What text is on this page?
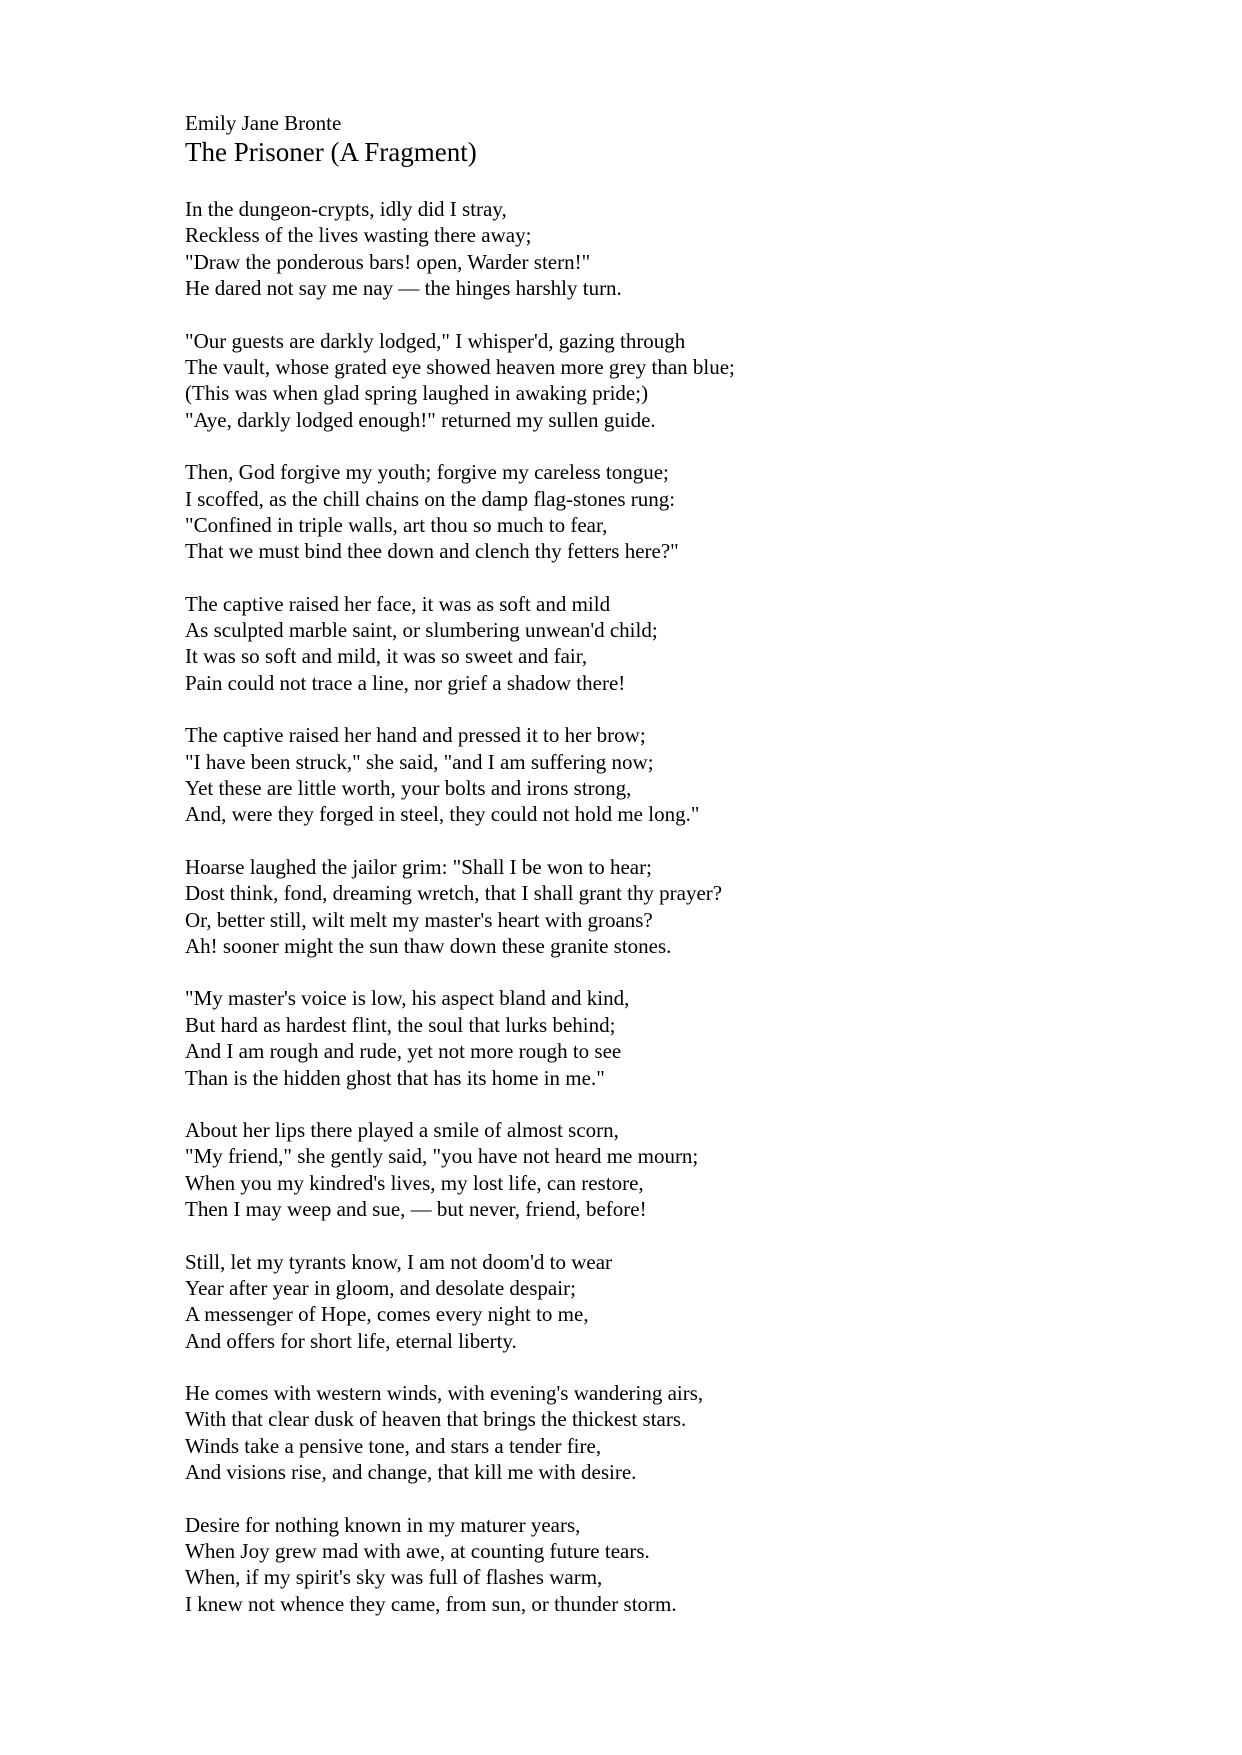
Emily Jane Bronte
The Prisoner (A Fragment)
In the dungeon-crypts, idly did I stray,
Reckless of the lives wasting there away;
"Draw the ponderous bars! open, Warder stern!"
He dared not say me nay — the hinges harshly turn.
"Our guests are darkly lodged," I whisper'd, gazing through
The vault, whose grated eye showed heaven more grey than blue;
(This was when glad spring laughed in awaking pride;)
"Aye, darkly lodged enough!" returned my sullen guide.
Then, God forgive my youth; forgive my careless tongue;
I scoffed, as the chill chains on the damp flag-stones rung:
"Confined in triple walls, art thou so much to fear,
That we must bind thee down and clench thy fetters here?"
The captive raised her face, it was as soft and mild
As sculpted marble saint, or slumbering unwean'd child;
It was so soft and mild, it was so sweet and fair,
Pain could not trace a line, nor grief a shadow there!
The captive raised her hand and pressed it to her brow;
"I have been struck," she said, "and I am suffering now;
Yet these are little worth, your bolts and irons strong,
And, were they forged in steel, they could not hold me long."
Hoarse laughed the jailor grim: "Shall I be won to hear;
Dost think, fond, dreaming wretch, that I shall grant thy prayer?
Or, better still, wilt melt my master's heart with groans?
Ah! sooner might the sun thaw down these granite stones.
"My master's voice is low, his aspect bland and kind,
But hard as hardest flint, the soul that lurks behind;
And I am rough and rude, yet not more rough to see
Than is the hidden ghost that has its home in me."
About her lips there played a smile of almost scorn,
"My friend," she gently said, "you have not heard me mourn;
When you my kindred's lives, my lost life, can restore,
Then I may weep and sue, — but never, friend, before!
Still, let my tyrants know, I am not doom'd to wear
Year after year in gloom, and desolate despair;
A messenger of Hope, comes every night to me,
And offers for short life, eternal liberty.
He comes with western winds, with evening's wandering airs,
With that clear dusk of heaven that brings the thickest stars.
Winds take a pensive tone, and stars a tender fire,
And visions rise, and change, that kill me with desire.
Desire for nothing known in my maturer years,
When Joy grew mad with awe, at counting future tears.
When, if my spirit's sky was full of flashes warm,
I knew not whence they came, from sun, or thunder storm.
